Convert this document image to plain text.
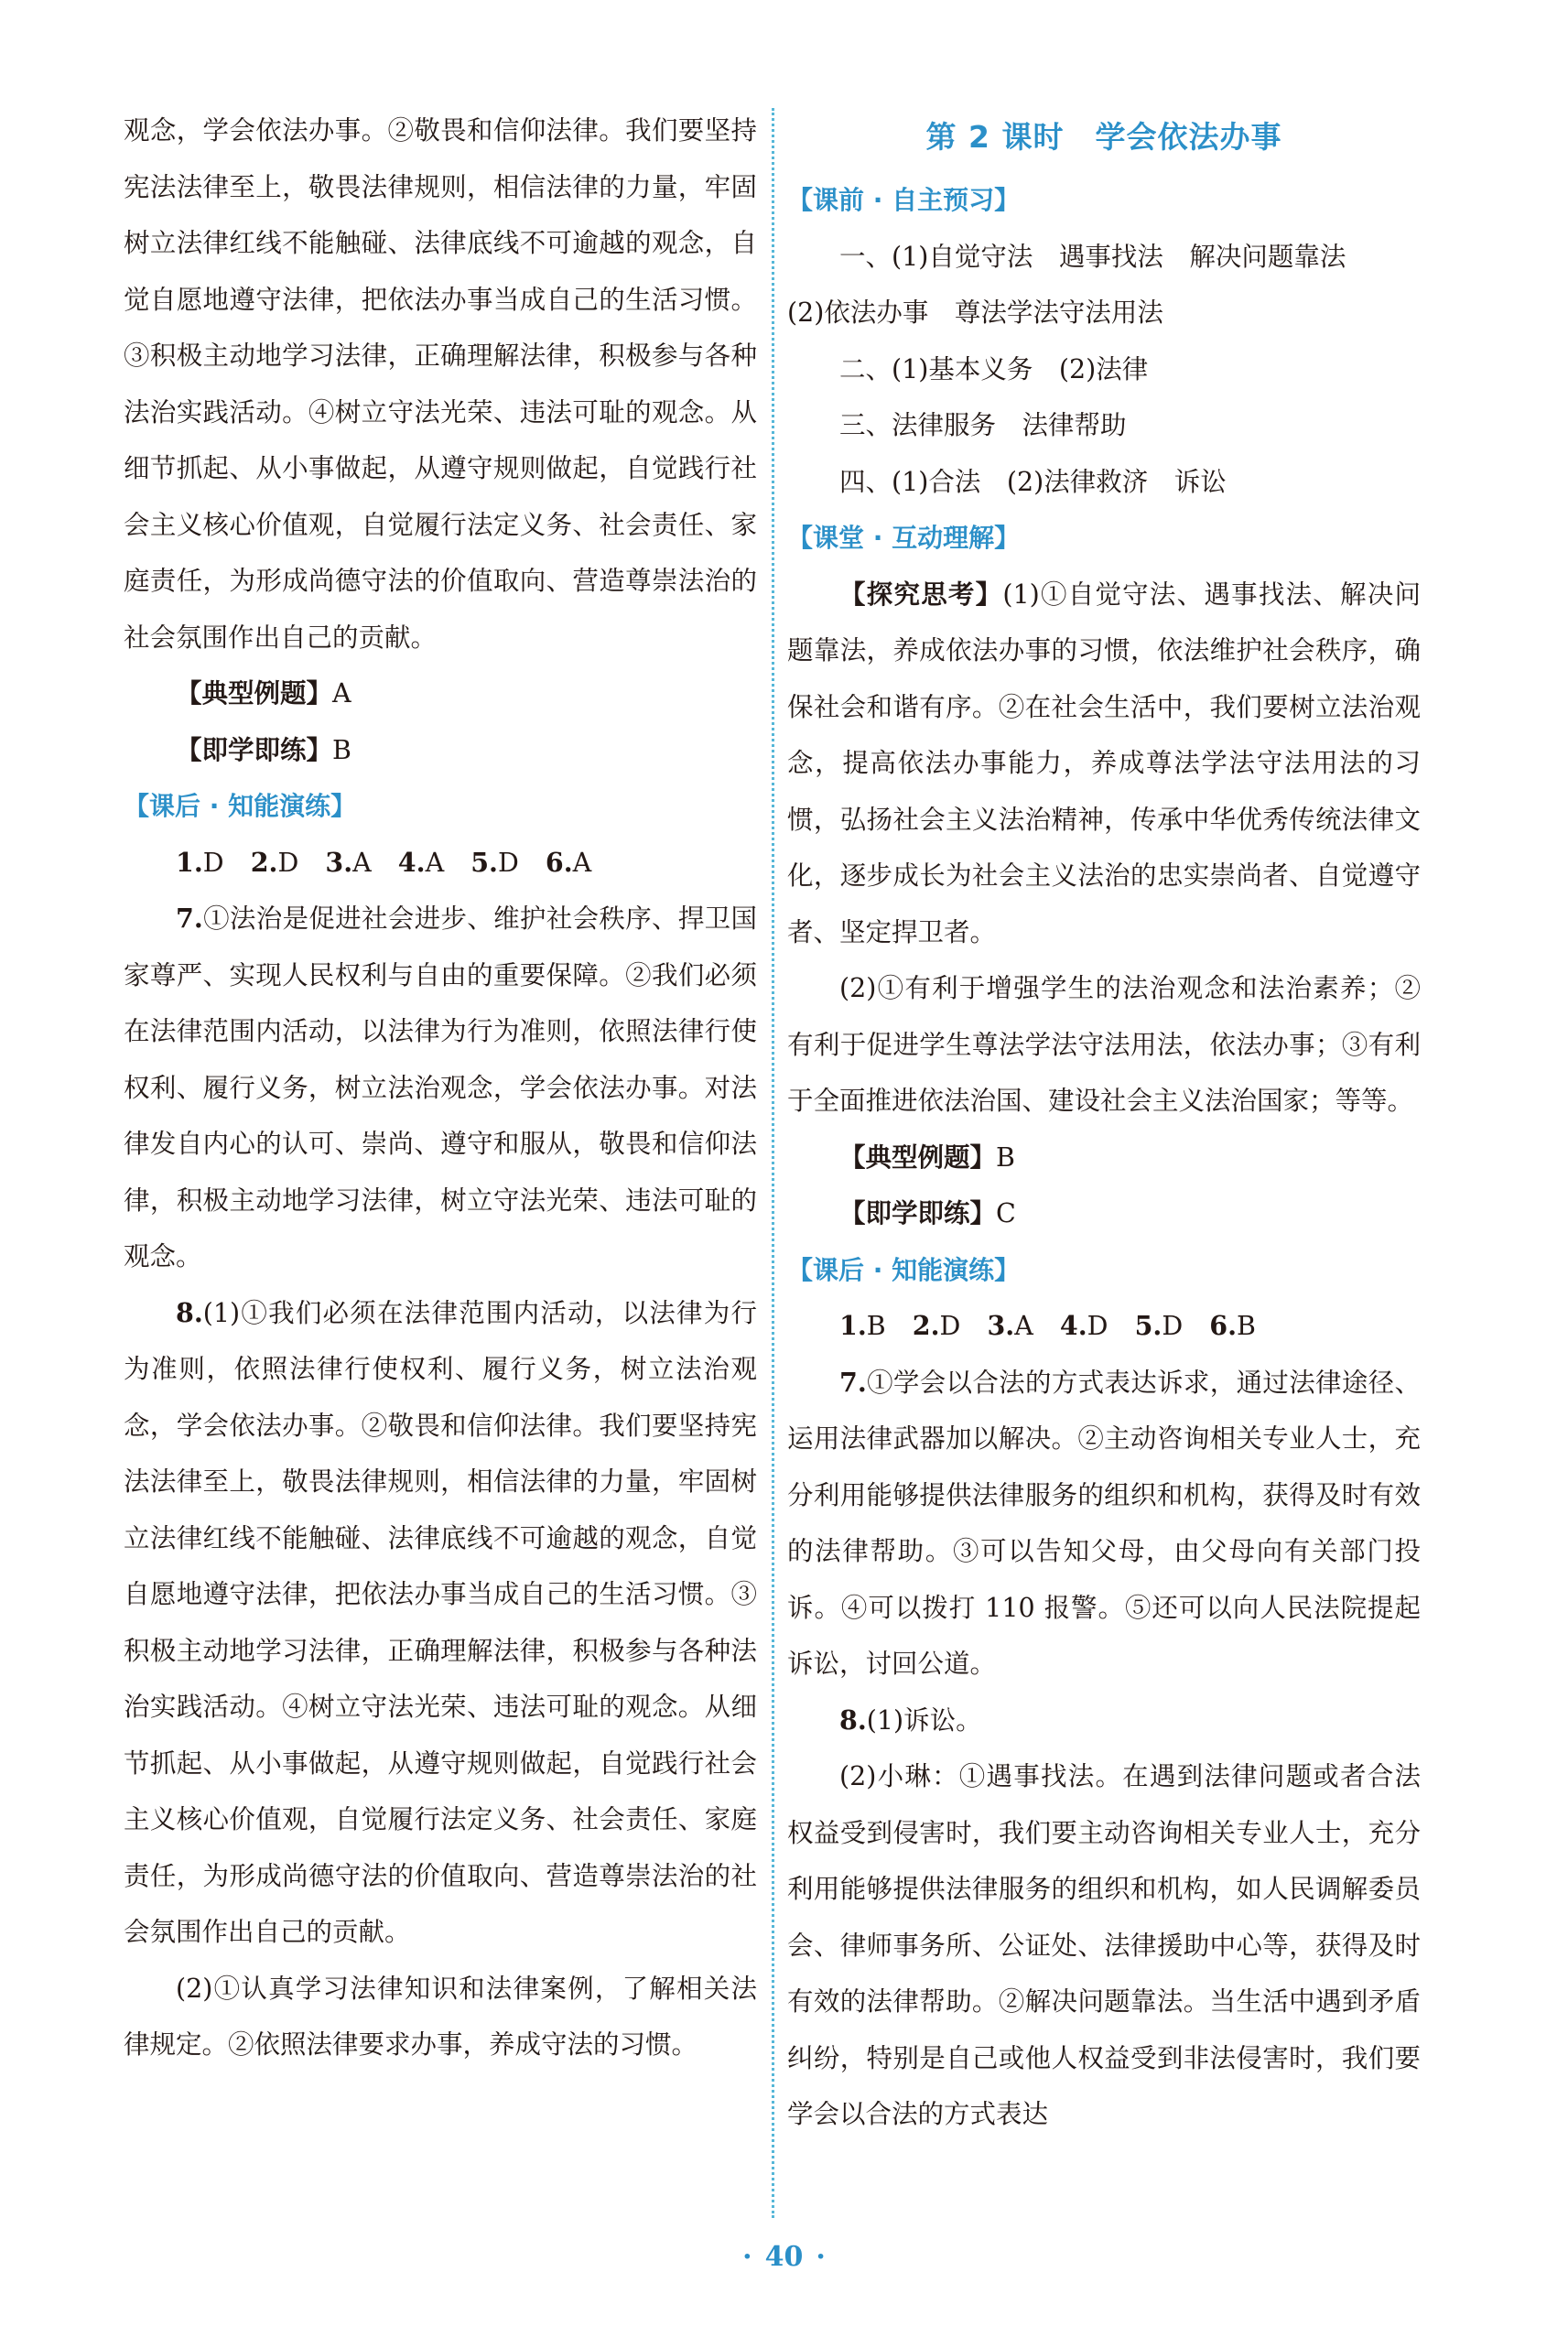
观念，学会依法办事。②敬畏和信仰法律。我们要坚持宪法法律至上，敬畏法律规则，相信法律的力量，牢固树立法律红线不能触碰、法律底线不可逾越的观念，自觉自愿地遵守法律，把依法办事当成自己的生活习惯。③积极主动地学习法律，正确理解法律，积极参与各种法治实践活动。④树立守法光荣、违法可耻的观念。从细节抓起、从小事做起，从遵守规则做起，自觉践行社会主义核心价值观，自觉履行法定义务、社会责任、家庭责任，为形成尚德守法的价值取向、营造尊崇法治的社会氛围作出自己的贡献。

【典型例题】A

【即学即练】B

【课后 · 知能演练】

1.D 2.D 3.A 4.A 5.D 6.A

7.①法治是促进社会进步、维护社会秩序、捍卫国家尊严、实现人民权利与自由的重要保障。②我们必须在法律范围内活动，以法律为行为准则，依照法律行使权利、履行义务，树立法治观念，学会依法办事。对法律发自内心的认可、崇尚、遵守和服从，敬畏和信仰法律，积极主动地学习法律，树立守法光荣、违法可耻的观念。

8.(1)①我们必须在法律范围内活动，以法律为行为准则，依照法律行使权利、履行义务，树立法治观念，学会依法办事。②敬畏和信仰法律。我们要坚持宪法法律至上，敬畏法律规则，相信法律的力量，牢固树立法律红线不能触碰、法律底线不可逾越的观念，自觉自愿地遵守法律，把依法办事当成自己的生活习惯。③积极主动地学习法律，正确理解法律，积极参与各种法治实践活动。④树立守法光荣、违法可耻的观念。从细节抓起、从小事做起，从遵守规则做起，自觉践行社会主义核心价值观，自觉履行法定义务、社会责任、家庭责任，为形成尚德守法的价值取向、营造尊崇法治的社会氛围作出自己的贡献。

(2)①认真学习法律知识和法律案例，了解相关法律规定。②依照法律要求办事，养成守法的习惯。

第 2 课时　学会依法办事

【课前 · 自主预习】

一、(1)自觉守法　遇事找法　解决问题靠法

(2)依法办事　尊法学法守法用法

二、(1)基本义务　(2)法律

三、法律服务　法律帮助

四、(1)合法　(2)法律救济　诉讼

【课堂 · 互动理解】

【探究思考】(1)①自觉守法、遇事找法、解决问题靠法，养成依法办事的习惯，依法维护社会秩序，确保社会和谐有序。②在社会生活中，我们要树立法治观念，提高依法办事能力，养成尊法学法守法用法的习惯，弘扬社会主义法治精神，传承中华优秀传统法律文化，逐步成长为社会主义法治的忠实崇尚者、自觉遵守者、坚定捍卫者。

(2)①有利于增强学生的法治观念和法治素养；②有利于促进学生尊法学法守法用法，依法办事；③有利于全面推进依法治国、建设社会主义法治国家；等等。

【典型例题】B

【即学即练】C

【课后 · 知能演练】

1.B 2.D 3.A 4.D 5.D 6.B

7.①学会以合法的方式表达诉求，通过法律途径、运用法律武器加以解决。②主动咨询相关专业人士，充分利用能够提供法律服务的组织和机构，获得及时有效的法律帮助。③可以告知父母，由父母向有关部门投诉。④可以拨打 110 报警。⑤还可以向人民法院提起诉讼，讨回公道。

8.(1)诉讼。

(2)小琳：①遇事找法。在遇到法律问题或者合法权益受到侵害时，我们要主动咨询相关专业人士，充分利用能够提供法律服务的组织和机构，如人民调解委员会、律师事务所、公证处、法律援助中心等，获得及时有效的法律帮助。②解决问题靠法。当生活中遇到矛盾纠纷，特别是自己或他人权益受到非法侵害时，我们要学会以合法的方式表达

· 40 ·
